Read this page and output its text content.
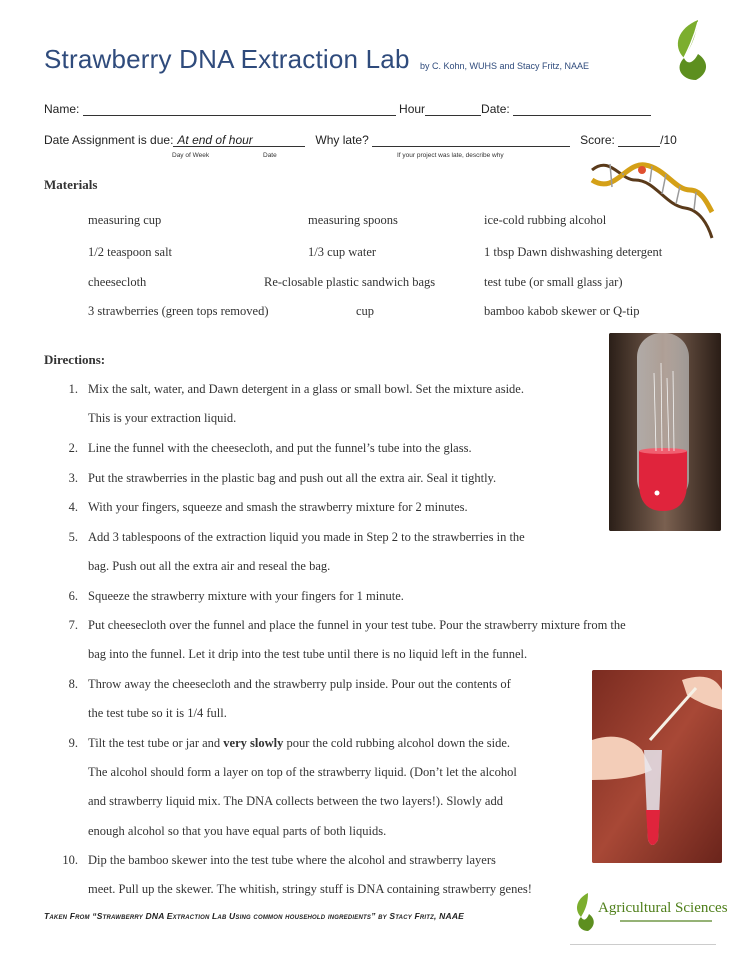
Strawberry DNA Extraction Lab by C. Kohn, WUHS and Stacy Fritz, NAAE
Name:	Hour	Date:
Date Assignment is due: At end of hour	Why late?	Score:	/10
Day of Week	Date	If your project was late, describe why
Materials
measuring cup	measuring spoons	ice-cold rubbing alcohol
1/2 teaspoon salt	1/3 cup water	1 tbsp Dawn dishwashing detergent
cheesecloth	Re-closable plastic sandwich bags	test tube (or small glass jar)
3 strawberries (green tops removed)	cup	bamboo kabob skewer or Q-tip
Directions:
1. Mix the salt, water, and Dawn detergent in a glass or small bowl. Set the mixture aside.
This is your extraction liquid.
2. Line the funnel with the cheesecloth, and put the funnel’s tube into the glass.
3. Put the strawberries in the plastic bag and push out all the extra air. Seal it tightly.
4. With your fingers, squeeze and smash the strawberry mixture for 2 minutes.
5. Add 3 tablespoons of the extraction liquid you made in Step 2 to the strawberries in the
bag. Push out all the extra air and reseal the bag.
6. Squeeze the strawberry mixture with your fingers for 1 minute.
7. Put cheesecloth over the funnel and place the funnel in your test tube. Pour the strawberry mixture from the
bag into the funnel. Let it drip into the test tube until there is no liquid left in the funnel.
8. Throw away the cheesecloth and the strawberry pulp inside. Pour out the contents of
the test tube so it is 1/4 full.
9. Tilt the test tube or jar and very slowly pour the cold rubbing alcohol down the side.
The alcohol should form a layer on top of the strawberry liquid. (Don’t let the alcohol
and strawberry liquid mix. The DNA collects between the two layers!). Slowly add
enough alcohol so that you have equal parts of both liquids.
10. Dip the bamboo skewer into the test tube where the alcohol and strawberry layers
meet. Pull up the skewer. The whitish, stringy stuff is DNA containing strawberry genes!
Taken From “Strawberry DNA Extraction Lab Using common household ingredients” by Stacy Fritz, NAAE	Agricultural Sciences
